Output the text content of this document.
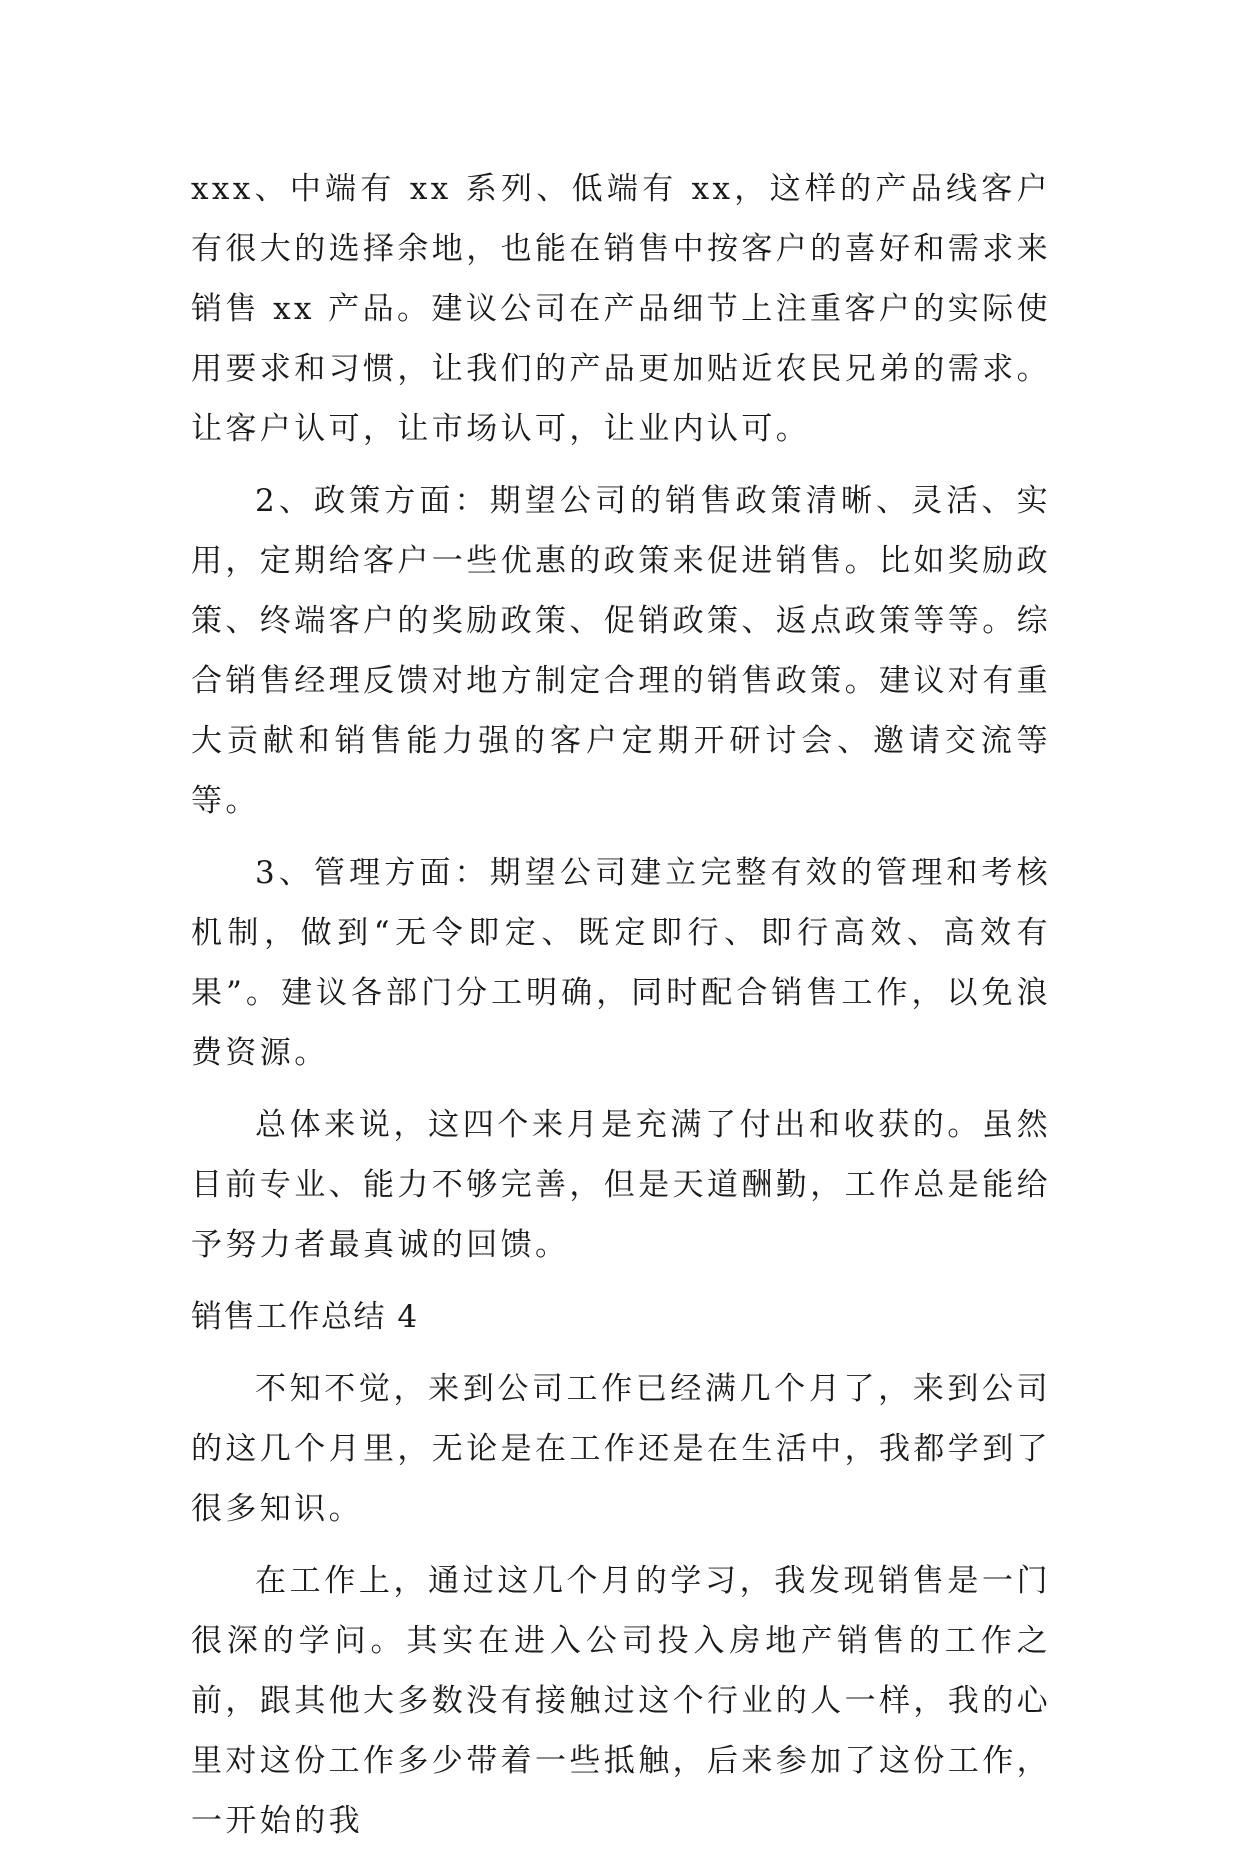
xxx、中端有 xx 系列、低端有 xx，这样的产品线客户有很大的选择余地，也能在销售中按客户的喜好和需求来销售 xx 产品。建议公司在产品细节上注重客户的实际使用要求和习惯，让我们的产品更加贴近农民兄弟的需求。让客户认可，让市场认可，让业内认可。

2、政策方面：期望公司的销售政策清晰、灵活、实用，定期给客户一些优惠的政策来促进销售。比如奖励政策、终端客户的奖励政策、促销政策、返点政策等等。综合销售经理反馈对地方制定合理的销售政策。建议对有重大贡献和销售能力强的客户定期开研讨会、邀请交流等等。

3、管理方面：期望公司建立完整有效的管理和考核机制，做到“无令即定、既定即行、即行高效、高效有果”。建议各部门分工明确，同时配合销售工作，以免浪费资源。

总体来说，这四个来月是充满了付出和收获的。虽然目前专业、能力不够完善，但是天道酬勤，工作总是能给予努力者最真诚的回馈。

销售工作总结 4

不知不觉，来到公司工作已经满几个月了，来到公司的这几个月里，无论是在工作还是在生活中，我都学到了很多知识。

在工作上，通过这几个月的学习，我发现销售是一门很深的学问。其实在进入公司投入房地产销售的工作之前，跟其他大多数没有接触过这个行业的人一样，我的心里对这份工作多少带着一些抵触，后来参加了这份工作，一开始的我
